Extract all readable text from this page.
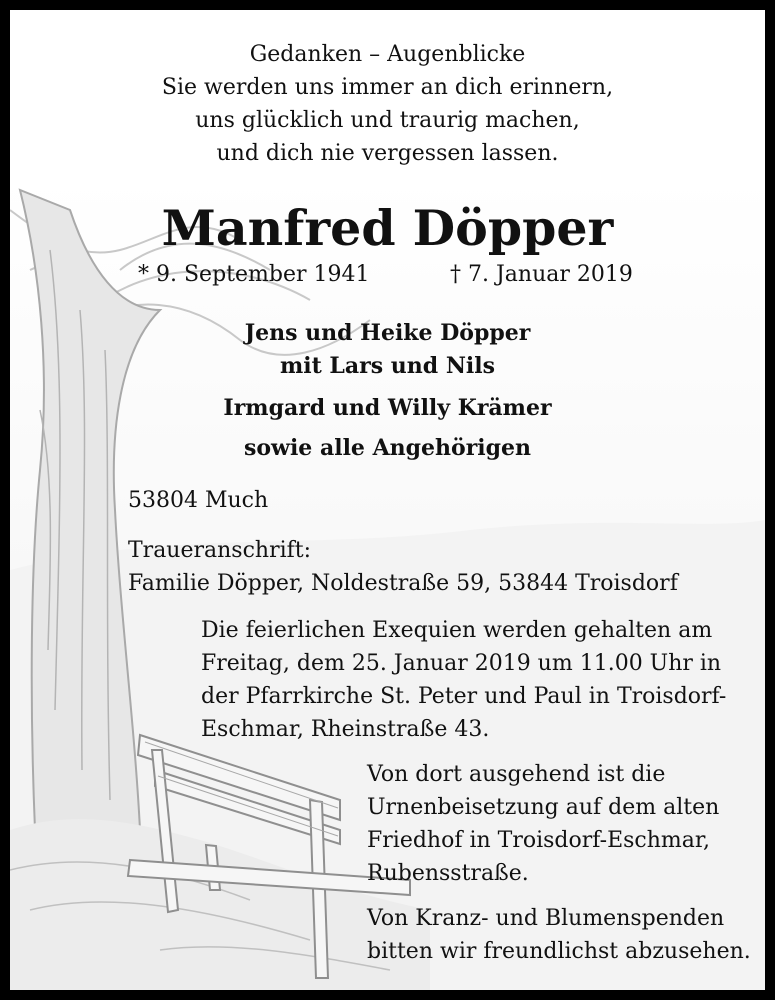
Gedanken – Augenblicke
Sie werden uns immer an dich erinnern,
uns glücklich und traurig machen,
und dich nie vergessen lassen.
Manfred Döpper
* 9. September 1941	† 7. Januar 2019
Jens und Heike Döpper
mit Lars und Nils
Irmgard und Willy Krämer
sowie alle Angehörigen
53804 Much
Traueranschrift:
Familie Döpper, Noldestraße 59, 53844 Troisdorf
Die feierlichen Exequien werden gehalten am
Freitag, dem 25. Januar 2019 um 11.00 Uhr in
der Pfarrkirche St. Peter und Paul in Troisdorf-
Eschmar, Rheinstraße 43.
Von dort ausgehend ist die
Urnenbeisetzung auf dem alten
Friedhof in Troisdorf-Eschmar,
Rubensstraße.
Von Kranz- und Blumenspenden
bitten wir freundlichst abzusehen.
